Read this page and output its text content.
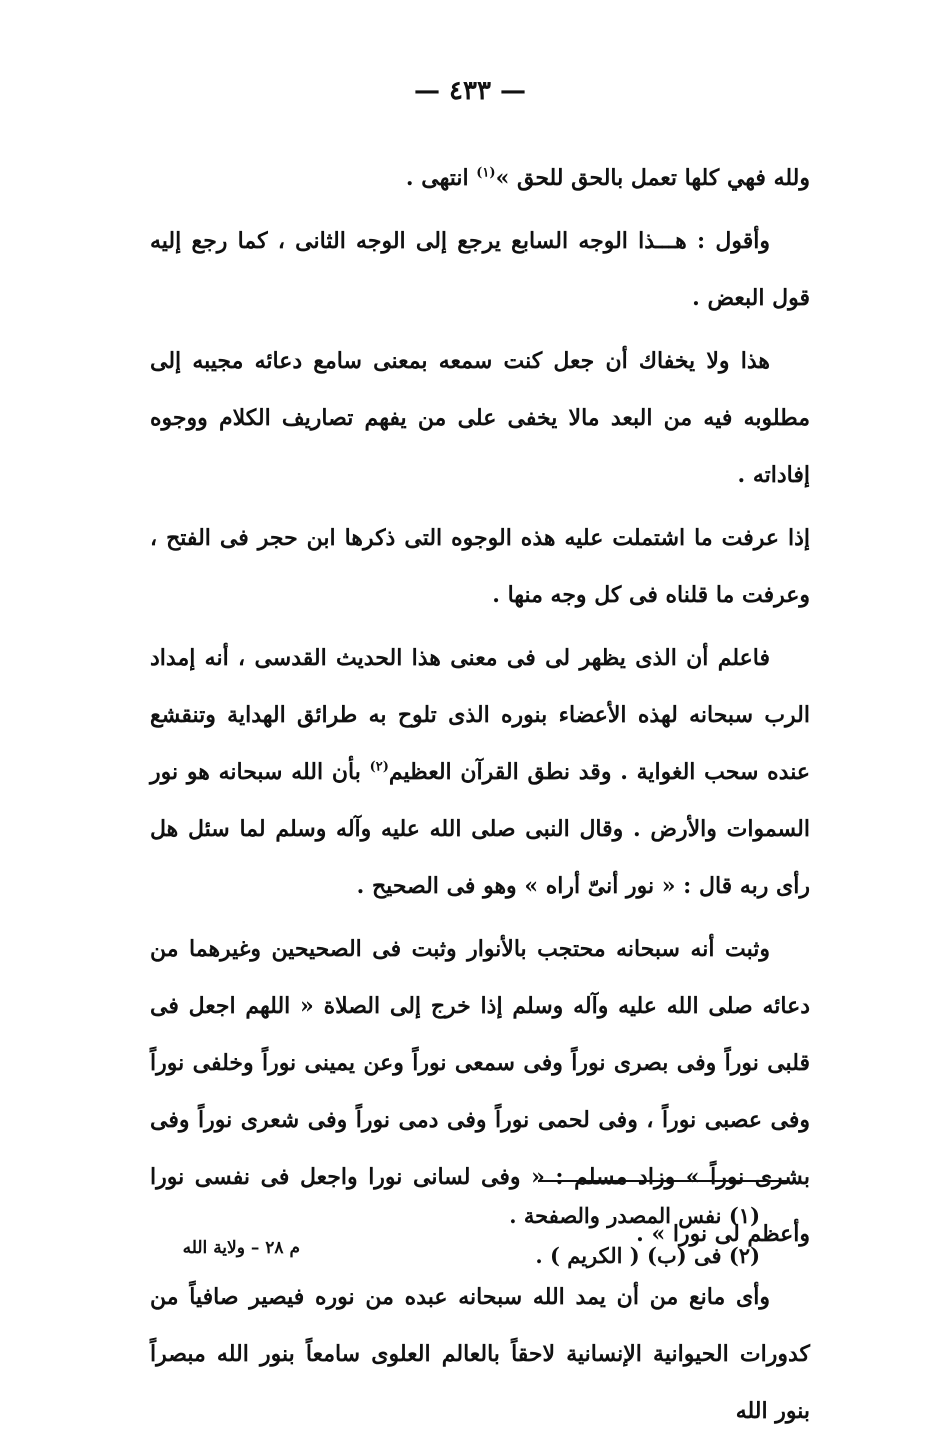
— ٤٣٣ —

ولله فهي كلها تعمل بالحق للحق »$^{(١)}$ انتهى .

وأقول : هـــذا الوجه السابع يرجع إلى الوجه الثانى ، كما رجع إليه قول البعض .

هذا ولا يخفاك أن جعل كنت سمعه بمعنى سامع دعائه مجيبه إلى مطلوبه فيه من البعد مالا يخفى على من يفهم تصاريف الكلام ووجوه إفاداته .

إذا عرفت ما اشتملت عليه هذه الوجوه التى ذكرها ابن حجر فى الفتح ، وعرفت ما قلناه فى كل وجه منها .

فاعلم أن الذى يظهر لى فى معنى هذا الحديث القدسى ، أنه إمداد الرب سبحانه لهذه الأعضاء بنوره الذى تلوح به طرائق الهداية وتنقشع عنده سحب الغواية . وقد نطق القرآن العظيم$^{(٢)}$ بأن الله سبحانه هو نور السموات والأرض . وقال النبى صلى الله عليه وآله وسلم لما سئل هل رأى ربه قال : « نور أنىّ أراه » وهو فى الصحيح .

وثبت أنه سبحانه محتجب بالأنوار وثبت فى الصحيحين وغيرهما من دعائه صلى الله عليه وآله وسلم إذا خرج إلى الصلاة « اللهم اجعل فى قلبى نوراً وفى بصرى نوراً وفى سمعى نوراً وعن يمينى نوراً وخلفى نوراً وفى عصبى نوراً ، وفى لحمى نوراً وفى دمى نوراً وفى شعرى نوراً وفى بشرى نوراً » وزاد مسلم : « وفى لسانى نورا واجعل فى نفسى نورا وأعظم لى نورا » .

وأى مانع من أن يمد الله سبحانه عبده من نوره فيصير صافياً من كدورات الحيوانية الإنسانية لاحقاً بالعالم العلوى سامعاً بنور الله مبصراً بنور الله

(١) نفس المصدر والصفحة .
(٢) فى (ب) ( الكريم ) .
م ٢٨ – ولاية الله
